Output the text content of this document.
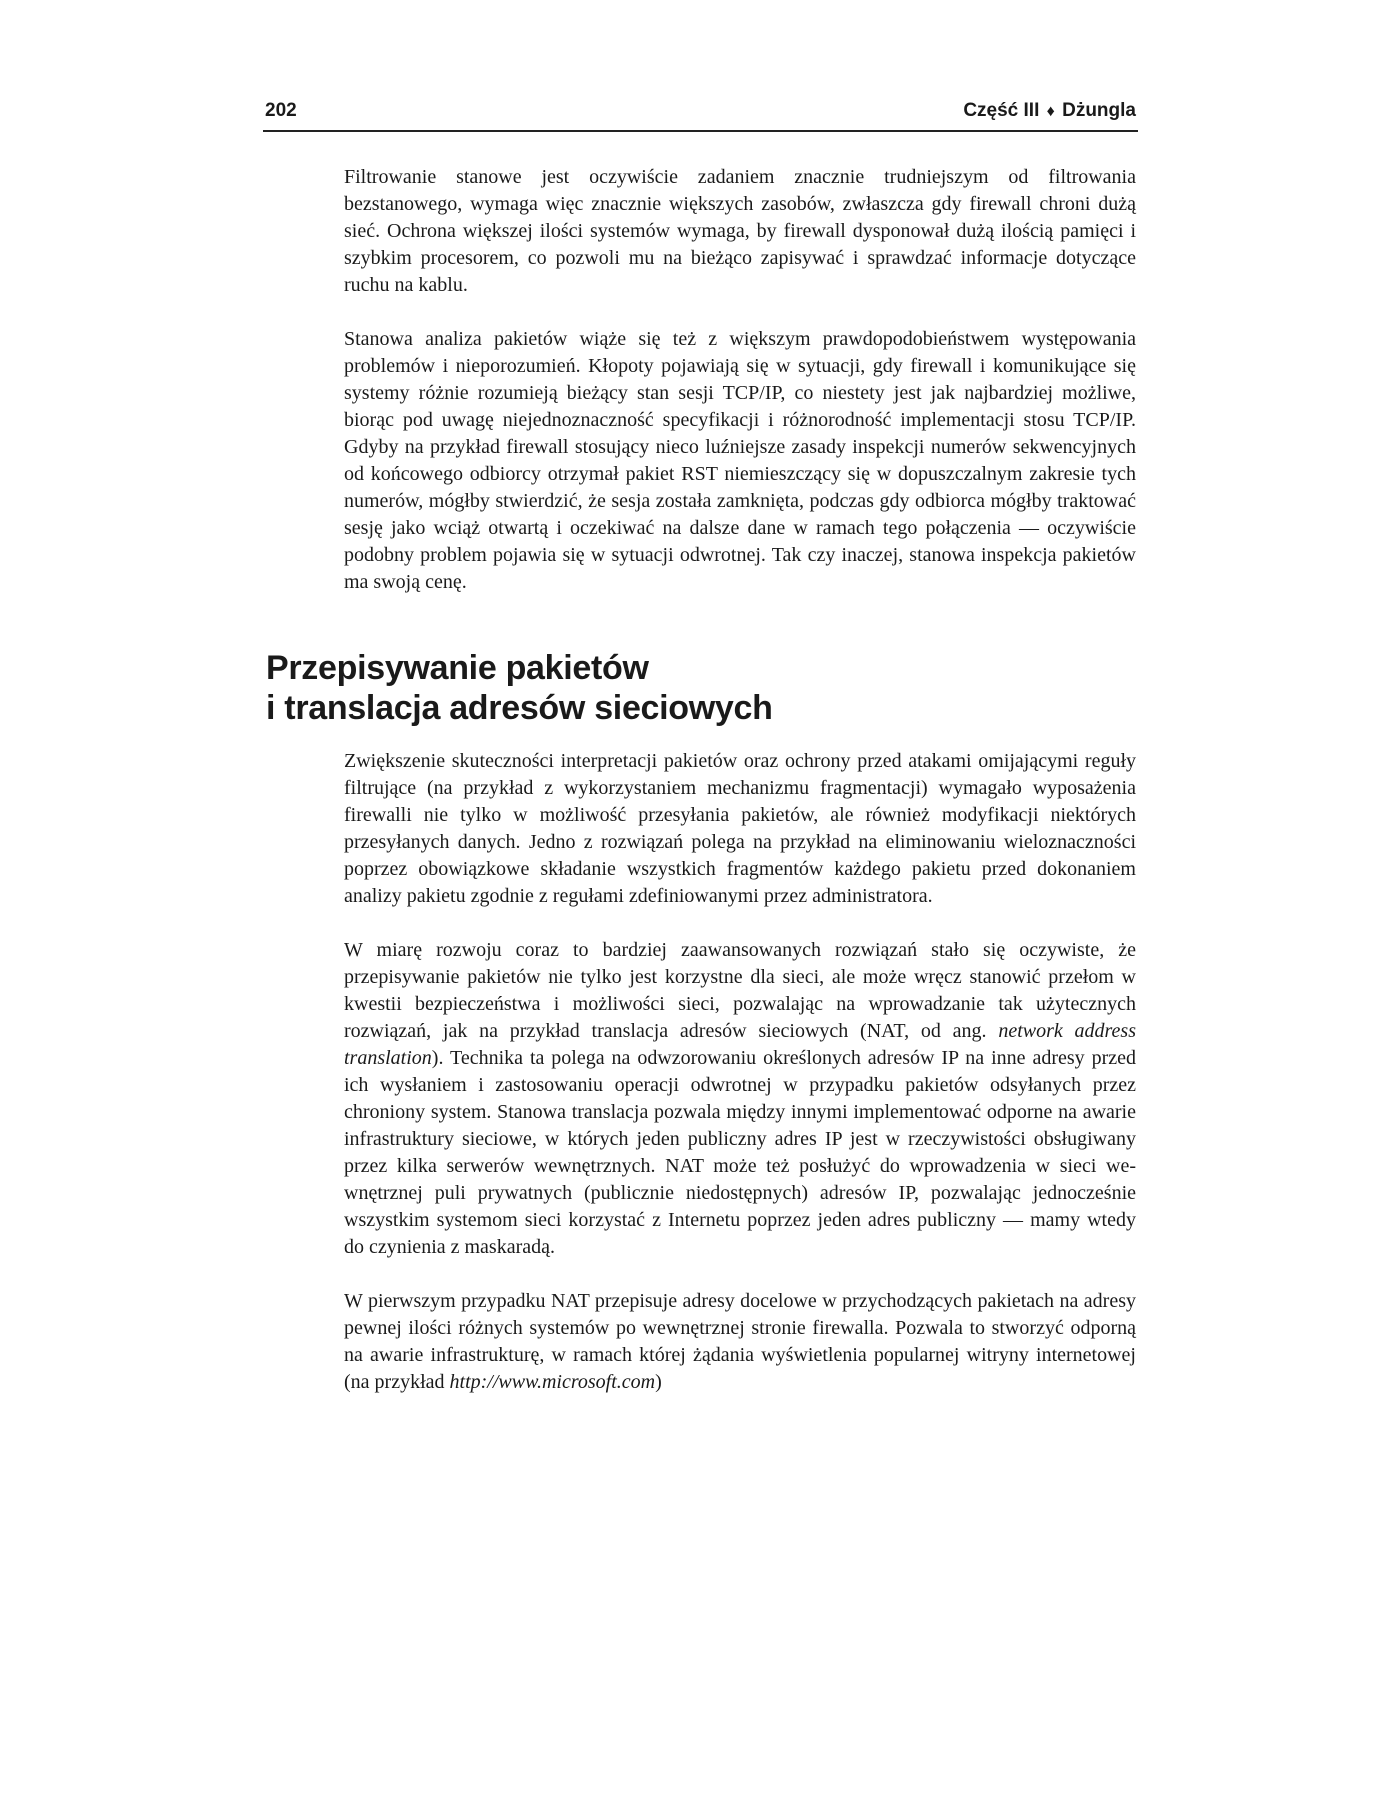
202	Część III ♦ Dżungla

Filtrowanie stanowe jest oczywiście zadaniem znacznie trudniejszym od filtrowania bezstanowego, wymaga więc znacznie większych zasobów, zwłaszcza gdy firewall chroni dużą sieć. Ochrona większej ilości systemów wymaga, by firewall dysponował dużą ilością pamięci i szybkim procesorem, co pozwoli mu na bieżąco zapisywać i sprawdzać informacje dotyczące ruchu na kablu.

Stanowa analiza pakietów wiąże się też z większym prawdopodobieństwem występowania problemów i nieporozumień. Kłopoty pojawiają się w sytuacji, gdy firewall i komunikujące się systemy różnie rozumieją bieżący stan sesji TCP/IP, co niestety jest jak najbardziej możliwe, biorąc pod uwagę niejednoznaczność specyfikacji i różnorodność implementacji stosu TCP/IP. Gdyby na przykład firewall stosujący nieco luźniejsze zasady inspekcji numerów sekwencyjnych od końcowego odbiorcy otrzymał pakiet RST niemieszczący się w dopuszczalnym zakresie tych numerów, mógłby stwierdzić, że sesja została zamknięta, podczas gdy odbiorca mógłby traktować sesję jako wciąż otwartą i oczekiwać na dalsze dane w ramach tego połączenia — oczywiście podobny problem pojawia się w sytuacji odwrotnej. Tak czy inaczej, stanowa inspekcja pakietów ma swoją cenę.

Przepisywanie pakietów
i translacja adresów sieciowych

Zwiększenie skuteczności interpretacji pakietów oraz ochrony przed atakami omijającymi reguły filtrujące (na przykład z wykorzystaniem mechanizmu fragmentacji) wymagało wyposażenia firewalli nie tylko w możliwość przesyłania pakietów, ale również modyfikacji niektórych przesyłanych danych. Jedno z rozwiązań polega na przykład na eliminowaniu wieloznaczności poprzez obowiązkowe składanie wszystkich fragmentów każdego pakietu przed dokonaniem analizy pakietu zgodnie z regułami zdefiniowanymi przez administratora.

W miarę rozwoju coraz to bardziej zaawansowanych rozwiązań stało się oczywiste, że przepisywanie pakietów nie tylko jest korzystne dla sieci, ale może wręcz stanowić przełom w kwestii bezpieczeństwa i możliwości sieci, pozwalając na wprowadzanie tak użytecznych rozwiązań, jak na przykład translacja adresów sieciowych (NAT, od ang. network address translation). Technika ta polega na odwzorowaniu określonych adresów IP na inne adresy przed ich wysłaniem i zastosowaniu operacji odwrotnej w przypadku pakietów odsyłanych przez chroniony system. Stanowa translacja pozwala między innymi implementować odporne na awarie infrastruktury sieciowe, w których jeden publiczny adres IP jest w rzeczywistości obsługiwany przez kilka serwerów wewnętrznych. NAT może też posłużyć do wprowadzenia w sieci wewnętrznej puli prywatnych (publicznie niedostępnych) adresów IP, pozwalając jednocześnie wszystkim systemom sieci korzystać z Internetu poprzez jeden adres publiczny — mamy wtedy do czynienia z maskaradą.

W pierwszym przypadku NAT przepisuje adresy docelowe w przychodzących pakietach na adresy pewnej ilości różnych systemów po wewnętrznej stronie firewalla. Pozwala to stworzyć odporną na awarie infrastrukturę, w ramach której żądania wyświetlenia popularnej witryny internetowej (na przykład http://www.microsoft.com)
